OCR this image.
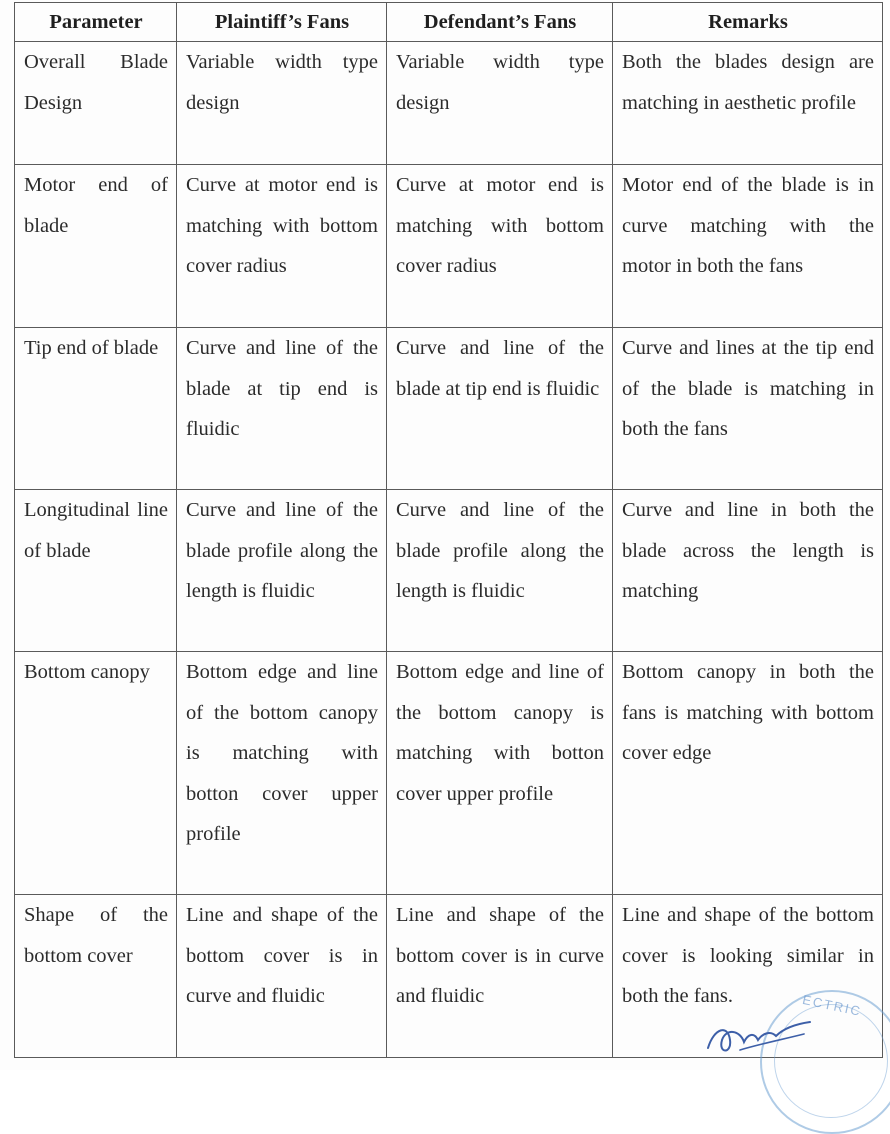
Parameter	Plaintiff’s Fans	Defendant’s Fans	Remarks

Overall Blade Design	Variable width type design	Variable width type design	Both the blades design are matching in aesthetic profile

Motor end of blade	Curve at motor end is matching with bottom cover radius	Curve at motor end is matching with bottom cover radius	Motor end of the blade is in curve matching with the motor in both the fans

Tip end of blade	Curve and line of the blade at tip end is fluidic	Curve and line of the blade at tip end is fluidic	Curve and lines at the tip end of the blade is matching in both the fans

Longitudinal line of blade	Curve and line of the blade profile along the length is fluidic	Curve and line of the blade profile along the length is fluidic	Curve and line in both the blade across the length is matching

Bottom canopy	Bottom edge and line of the bottom canopy is matching with botton cover upper profile	Bottom edge and line of the bottom canopy is matching with botton cover upper profile	Bottom canopy in both the fans is matching with bottom cover edge

Shape of the bottom cover	Line and shape of the bottom cover is in curve and fluidic	Line and shape of the bottom cover is in curve and fluidic	Line and shape of the bottom cover is looking similar in both the fans.	ECTRIC
